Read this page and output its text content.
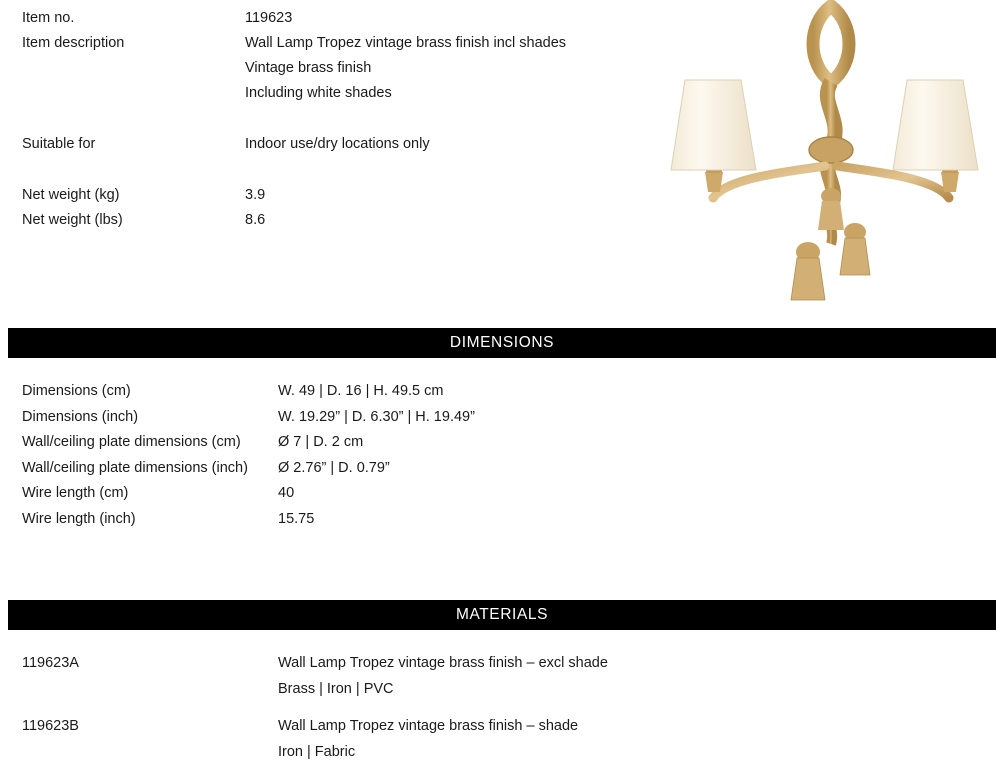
Item no.	119623
Item description	Wall Lamp Tropez vintage brass finish incl shades
Vintage brass finish
Including white shades
Suitable for	Indoor use/dry locations only
Net weight (kg)	3.9
Net weight (lbs)	8.6
DIMENSIONS
Dimensions (cm)	W. 49 | D. 16 | H. 49.5 cm
Dimensions (inch)	W. 19.29” | D. 6.30” | H. 19.49”
Wall/ceiling plate dimensions (cm)	Ø 7 | D. 2 cm
Wall/ceiling plate dimensions (inch)	Ø 2.76” | D. 0.79”
Wire length (cm)	40
Wire length (inch)	15.75
MATERIALS
119623A	Wall Lamp Tropez vintage brass finish – excl shade
Brass | Iron | PVC
119623B	Wall Lamp Tropez vintage brass finish – shade
Iron | Fabric
